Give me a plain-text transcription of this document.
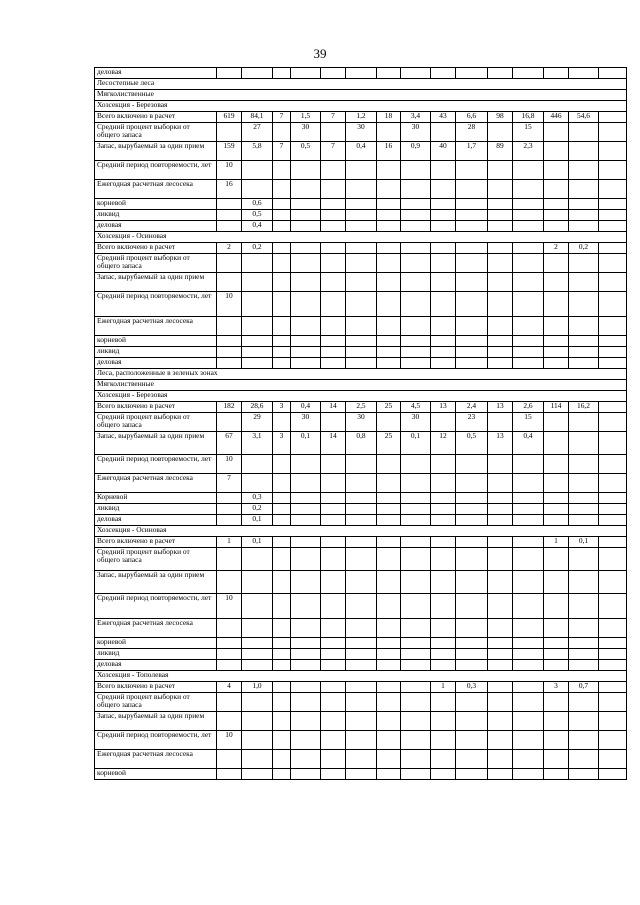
39
деловая															
Лесостепные леса															
Мягколиственные															
Хозсекция - Березовая															
Всего включено в расчет	619	84,1	7	1,5	7	1,2	18	3,4	43	6,6	98	16,8	446	54,6	
Средний процент выборки от общего запаса		27		30		30		30		28		15			
Запас, вырубаемый за один прием	159	5,8	7	0,5	7	0,4	16	0,9	40	1,7	89	2,3			
Средний период повторяемости, лет	10														
Ежегодная расчетная лесосека	16														
корневой		0,6													
ликвид		0,5													
деловая		0,4													
Хозсекция - Осиновая															
Всего включено в расчет	2	0,2											2	0,2	
Средний процент выборки от общего запаса															
Запас, вырубаемый за один прием															
Средний период повторяемости, лет	10														
Ежегодная расчетная лесосека															
корневой															
ликвид															
деловая															
Леса, расположенные в зеленых зонах															
Мягколиственные															
Хозсекция - Березовая															
Всего включено в расчет	182	28,6	3	0,4	14	2,5	25	4,5	13	2,4	13	2,6	114	16,2	
Средний процент выборки от общего запаса		29		30		30		30		23		15			
Запас, вырубаемый за один прием	67	3,1	3	0,1	14	0,8	25	0,1	12	0,5	13	0,4			
Средний период повторяемости, лет	10														
Ежегодная расчетная лесосека	7														
Корневой		0,3													
ликвид		0,2													
деловая		0,1													
Хозсекция - Осиновая															
Всего включено в расчет	1	0,1											1	0,1	
Средний процент выборки от общего запаса															
Запас, вырубаемый за один прием															
Средний период повторяемости, лет	10														
Ежегодная расчетная лесосека															
корневой															
ликвид															
деловая															
Хозсекция - Тополевая															
Всего включено в расчет	4	1,0							1	0,3			3	0,7	
Средний процент выборки от общего запаса															
Запас, вырубаемый за один прием															
Средний период повторяемости, лет	10														
Ежегодная расчетная лесосека															
корневой															
